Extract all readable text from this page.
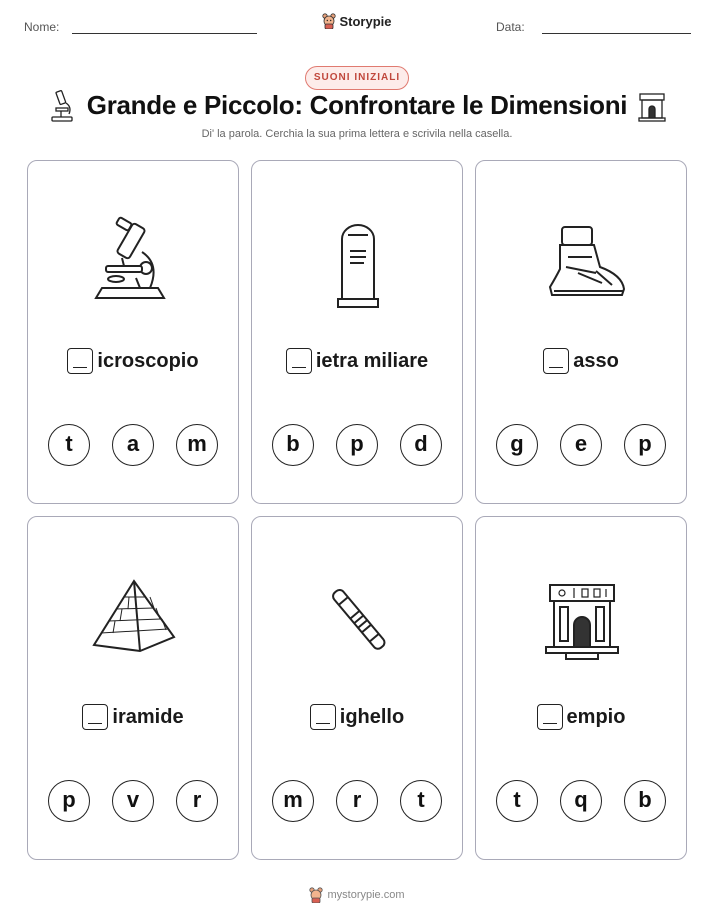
Nome:	Storypie	Data:
SUONI INIZIALI
Grande e Piccolo: Confrontare le Dimensioni
Di' la parola. Cerchia la sua prima lettera e scrivila nella casella.
icroscopio
t	a	m
ietra miliare
b	p	d
asso
g	e	p
iramide
p	v	r
ighello
m	r	t
empio
t	q	b
mystorypie.com
